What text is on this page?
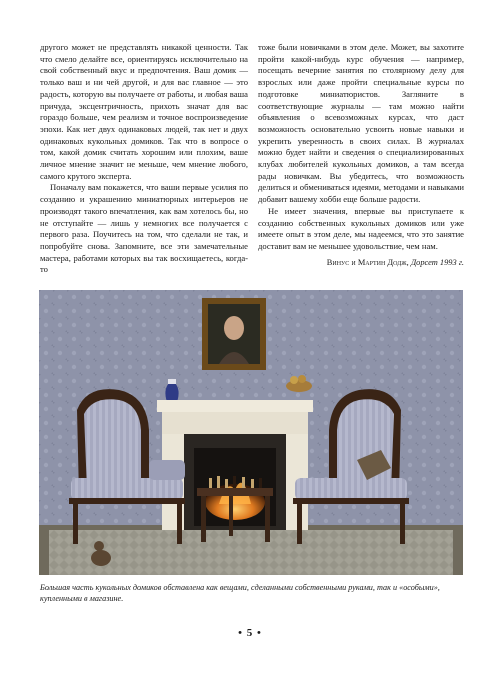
другого может не представлять никакой ценности. Так что смело делайте все, ориентируясь исключительно на свой собственный вкус и предпочтения. Ваш домик — только ваш и ни чей другой, и для вас главное — это радость, которую вы получаете от работы, и любая ваша причуда, эксцентричность, прихоть значат для вас гораздо больше, чем реализм и точное воспроизведение эпохи. Как нет двух одинаковых людей, так нет и двух одинаковых кукольных домиков. Так что в вопросе о том, какой домик считать хорошим или плохим, ваше личное мнение значит не меньше, чем мнение любого, самого крутого эксперта.

Поначалу вам покажется, что ваши первые усилия по созданию и украшению миниатюрных интерьеров не производят такого впечатления, как вам хотелось бы, но не отступайте — лишь у немногих все получается с первого раза. Поучитесь на том, что сделали не так, и попробуйте снова. Запомните, все эти замечательные мастера, работами которых вы так восхищаетесь, когда-то

тоже были новичками в этом деле. Может, вы захотите пройти какой-нибудь курс обучения — например, посещать вечерние занятия по столярному делу для взрослых или даже пройти специальные курсы по подготовке миниатюристов. Загляните в соответствующие журналы — там можно найти объявления о всевозможных курсах, что даст возможность основательно усвоить новые навыки и укрепить уверенность в своих силах. В журналах можно будет найти и сведения о специализированных клубах любителей кукольных домиков, а там всегда рады новичкам. Вы убедитесь, что возможность делиться и обмениваться идеями, методами и навыками добавит вашему хобби еще больше радости.

Не имеет значения, впервые вы приступаете к созданию собственных кукольных домиков или уже имеете опыт в этом деле, мы надеемся, что это занятие доставит вам не меньшее удовольствие, чем нам.

Винус и Мартин Додж, Дорсет 1993 г.
Большая часть кукольных домиков обставлена как вещами, сделанными собственными руками, так и «особыми», купленными в магазине.
• 5 •
